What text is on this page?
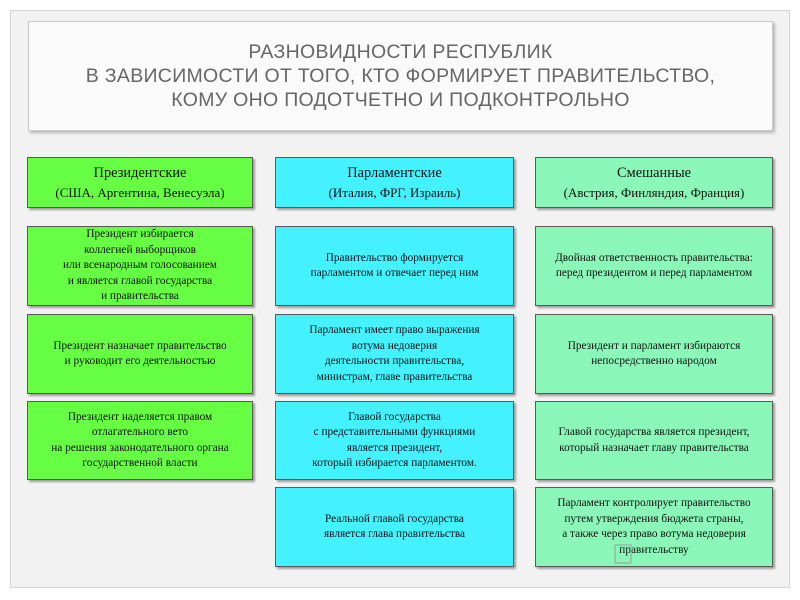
РАЗНОВИДНОСТИ РЕСПУБЛИК
В ЗАВИСИМОСТИ ОТ ТОГО, КТО ФОРМИРУЕТ ПРАВИТЕЛЬСТВО,
КОМУ ОНО ПОДОТЧЕТНО И ПОДКОНТРОЛЬНО
Президентские
(США, Аргентина, Венесуэла)
Президент избирается
коллегией выборщиков
или всенародным голосованием
и является главой государства
и правительства
Президент назначает правительство
и руководит его деятельностью
Президент наделяется правом
отлагательного вето
на решения законодательного органа
государственной власти
Парламентские
(Италия, ФРГ, Израиль)
Правительство формируется
парламентом и отвечает перед ним
Парламент имеет право выражения
вотума недоверия
деятельности правительства,
министрам, главе правительства
Главой государства
с представительными функциями
является президент,
который избирается парламентом.
Реальной главой государства
является глава правительства
Смешанные
(Австрия, Финляндия, Франция)
Двойная ответственность правительства:
перед президентом и перед парламентом
Президент и парламент избираются
непосредственно народом
Главой государства является президент,
который назначает главу правительства
Парламент контролирует правительство
путем утверждения бюджета страны,
а также через право вотума недоверия
правительству
